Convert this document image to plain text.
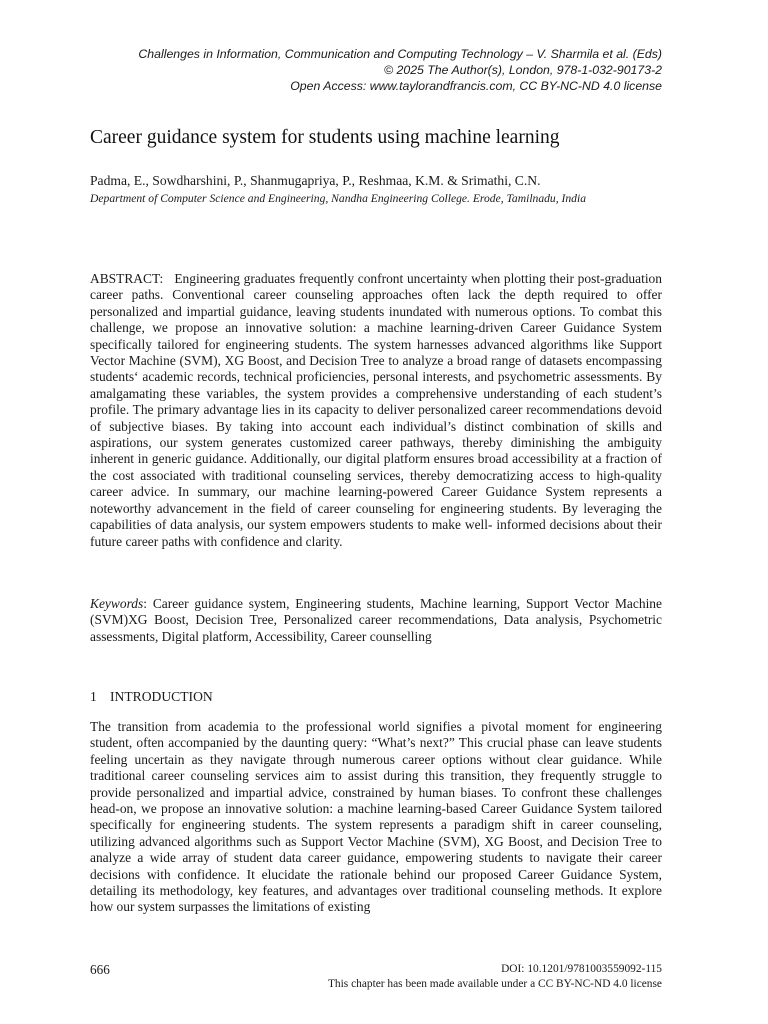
Challenges in Information, Communication and Computing Technology – V. Sharmila et al. (Eds)
© 2025 The Author(s), London, 978-1-032-90173-2
Open Access: www.taylorandfrancis.com, CC BY-NC-ND 4.0 license
Career guidance system for students using machine learning
Padma, E., Sowdharshini, P., Shanmugapriya, P., Reshmaa, K.M. & Srimathi, C.N.
Department of Computer Science and Engineering, Nandha Engineering College. Erode, Tamilnadu, India
ABSTRACT: Engineering graduates frequently confront uncertainty when plotting their post-graduation career paths. Conventional career counseling approaches often lack the depth required to offer personalized and impartial guidance, leaving students inundated with numerous options. To combat this challenge, we propose an innovative solution: a machine learning-driven Career Guidance System specifically tailored for engineering students. The system harnesses advanced algorithms like Support Vector Machine (SVM), XG Boost, and Decision Tree to analyze a broad range of datasets encompassing students‘ academic records, technical proficiencies, personal interests, and psychometric assessments. By amalgamating these variables, the system provides a comprehensive understanding of each student’s profile. The primary advantage lies in its capacity to deliver personalized career recommendations devoid of subjective biases. By taking into account each individual’s distinct combination of skills and aspirations, our system generates customized career pathways, thereby diminishing the ambiguity inherent in generic guidance. Additionally, our digital platform ensures broad accessibility at a fraction of the cost associated with traditional counseling services, thereby democratizing access to high-quality career advice. In summary, our machine learning-powered Career Guidance System represents a noteworthy advancement in the field of career counseling for engineering students. By leveraging the capabilities of data analysis, our system empowers students to make well- informed decisions about their future career paths with confidence and clarity.
Keywords: Career guidance system, Engineering students, Machine learning, Support Vector Machine (SVM)XG Boost, Decision Tree, Personalized career recommendations, Data analysis, Psychometric assessments, Digital platform, Accessibility, Career counselling
1 INTRODUCTION
The transition from academia to the professional world signifies a pivotal moment for engineering student, often accompanied by the daunting query: “What’s next?” This crucial phase can leave students feeling uncertain as they navigate through numerous career options without clear guidance. While traditional career counseling services aim to assist during this transition, they frequently struggle to provide personalized and impartial advice, constrained by human biases. To confront these challenges head-on, we propose an innovative solution: a machine learning-based Career Guidance System tailored specifically for engineering students. The system represents a paradigm shift in career counseling, utilizing advanced algorithms such as Support Vector Machine (SVM), XG Boost, and Decision Tree to analyze a wide array of student data career guidance, empowering students to navigate their career decisions with confidence. It elucidate the rationale behind our proposed Career Guidance System, detailing its methodology, key features, and advantages over traditional counseling methods. It explore how our system surpasses the limitations of existing
666	DOI: 10.1201/9781003559092-115
This chapter has been made available under a CC BY-NC-ND 4.0 license
